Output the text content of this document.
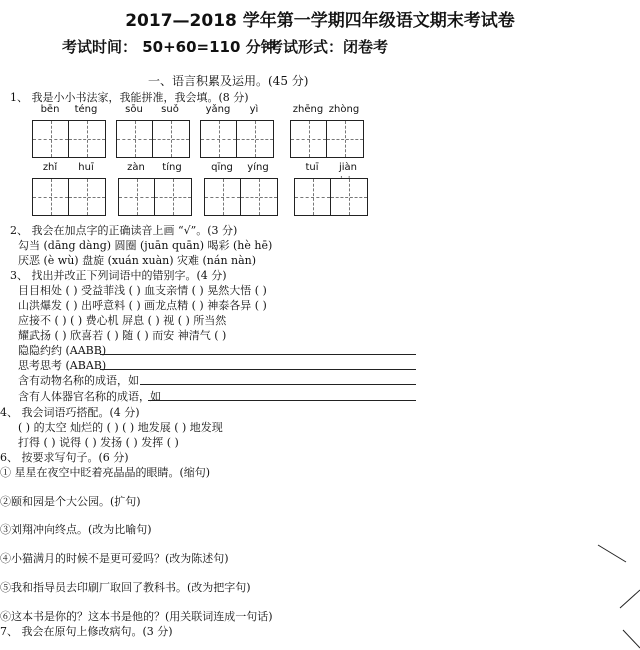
2017—2018 学年第一学期四年级语文期末考试卷
考试时间： 50+60=110 分钟
考试形式：闭卷考
一、语言积累及运用。(45 分)
1、 我是小小书法家，我能拼准，我会填。(8 分)
bēn	téng	sōu	suǒ	yǎng	yì	zhēng zhòng
zhǐ	huī	zàn	tíng	qīng	yíng	tuī	jiàn
· ·
2、 我会在加点字的正确读音上画 “√”。(3 分)
勾当 (dāng dàng) 圆圈 (juān quān) 喝彩 (hè hē)
厌恶 (è wù) 盘旋 (xuán xuàn) 灾难 (nán nàn)
3、 找出并改正下列词语中的错别字。(4 分)
目目相处 ( ) 受益菲浅 ( ) 血支亲情 ( ) 晃然大悟 ( )
山洪爆发 ( ) 出呼意料 ( ) 画龙点精 ( ) 神泰各异 ( )
应接不 ( ) ( ) 费心机 屏息 ( ) 视 ( ) 所当然
耀武扬 ( ) 欣喜若 ( ) 随 ( ) 而安 神清气 ( )
隐隐约约 (AABB)
思考思考 (ABAB)
含有动物名称的成语，如
含有人体器官名称的成语，如
4、 我会词语巧搭配。(4 分)
( ) 的太空 灿烂的 ( ) ( ) 地发展 ( ) 地发现
打得 ( ) 说得 ( ) 发扬 ( ) 发挥 ( )
6、 按要求写句子。(6 分)
① 星星在夜空中眨着亮晶晶的眼睛。(缩句)
②颐和园是个大公园。(扩句)
③刘翔冲向终点。(改为比喻句)
④小猫满月的时候不是更可爱吗？(改为陈述句)
⑤我和指导员去印刷厂取回了教科书。(改为把字句)
⑥这本书是你的？这本书是他的？(用关联词连成一句话)
7、 我会在原句上修改病句。(3 分)
